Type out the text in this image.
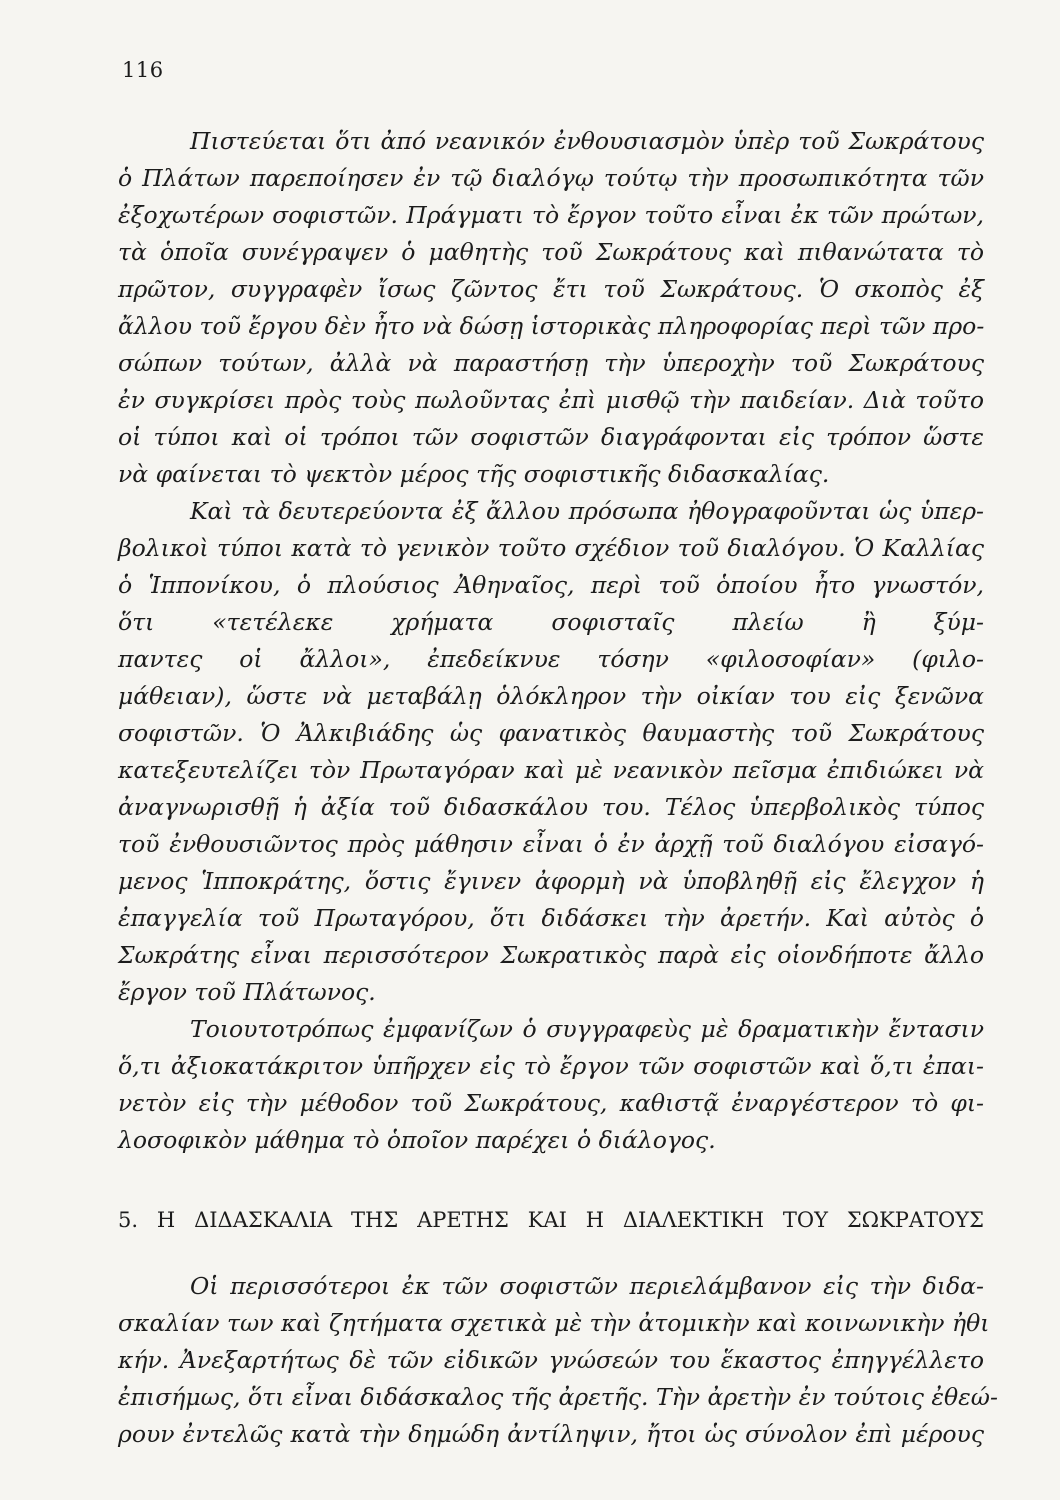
116
Πιστεύεται ὅτι ἀπό νεανικόν ἐνθουσιασμὸν ὑπὲρ τοῦ Σωκράτους
ὁ Πλάτων παρεποίησεν ἐν τῷ διαλόγῳ τούτῳ τὴν προσωπικότητα τῶν
ἐξοχωτέρων σοφιστῶν. Πράγματι τὸ ἔργον τοῦτο εἶναι ἐκ τῶν πρώτων,
τὰ ὁποῖα συνέγραψεν ὁ μαθητὴς τοῦ Σωκράτους καὶ πιθανώτατα τὸ
πρῶτον, συγγραφὲν ἴσως ζῶντος ἔτι τοῦ Σωκράτους. Ὁ σκοπὸς ἐξ
ἄλλου τοῦ ἔργου δὲν ἦτο νὰ δώσῃ ἱστορικὰς πληροφορίας περὶ τῶν προ-
σώπων τούτων, ἀλλὰ νὰ παραστήσῃ τὴν ὑπεροχὴν τοῦ Σωκράτους
ἐν συγκρίσει πρὸς τοὺς πωλοῦντας ἐπὶ μισθῷ τὴν παιδείαν. Διὰ τοῦτο
οἱ τύποι καὶ οἱ τρόποι τῶν σοφιστῶν διαγράφονται εἰς τρόπον ὥστε
νὰ φαίνεται τὸ ψεκτὸν μέρος τῆς σοφιστικῆς διδασκαλίας.
Καὶ τὰ δευτερεύοντα ἐξ ἄλλου πρόσωπα ἠθογραφοῦνται ὡς ὑπερ-
βολικοὶ τύποι κατὰ τὸ γενικὸν τοῦτο σχέδιον τοῦ διαλόγου. Ὁ Καλλίας
ὁ Ἱππονίκου, ὁ πλούσιος Ἀθηναῖος, περὶ τοῦ ὁποίου ἦτο γνωστόν,
ὅτι «τετέλεκε χρήματα σοφισταῖς πλείω ἢ ξύμ-
παντες οἱ ἄλλοι», ἐπεδείκνυε τόσην «φιλοσοφίαν» (φιλο-
μάθειαν), ὥστε νὰ μεταβάλῃ ὁλόκληρον τὴν οἰκίαν του εἰς ξενῶνα
σοφιστῶν. Ὁ Ἀλκιβιάδης ὡς φανατικὸς θαυμαστὴς τοῦ Σωκράτους
κατεξευτελίζει τὸν Πρωταγόραν καὶ μὲ νεανικὸν πεῖσμα ἐπιδιώκει νὰ
ἀναγνωρισθῇ ἡ ἀξία τοῦ διδασκάλου του. Τέλος ὑπερβολικὸς τύπος
τοῦ ἐνθουσιῶντος πρὸς μάθησιν εἶναι ὁ ἐν ἀρχῇ τοῦ διαλόγου εἰσαγό-
μενος Ἱπποκράτης, ὅστις ἔγινεν ἀφορμὴ νὰ ὑποβληθῇ εἰς ἔλεγχον ἡ
ἐπαγγελία τοῦ Πρωταγόρου, ὅτι διδάσκει τὴν ἀρετήν. Καὶ αὐτὸς ὁ
Σωκράτης εἶναι περισσότερον Σωκρατικὸς παρὰ εἰς οἱονδήποτε ἄλλο
ἔργον τοῦ Πλάτωνος.
Τοιουτοτρόπως ἐμφανίζων ὁ συγγραφεὺς μὲ δραματικὴν ἔντασιν
ὅ,τι ἀξιοκατάκριτον ὑπῆρχεν εἰς τὸ ἔργον τῶν σοφιστῶν καὶ ὅ,τι ἐπαι-
νετὸν εἰς τὴν μέθοδον τοῦ Σωκράτους, καθιστᾷ ἐναργέστερον τὸ φι-
λοσοφικὸν μάθημα τὸ ὁποῖον παρέχει ὁ διάλογος.
5. Η ΔΙΔΑΣΚΑΛΙΑ ΤΗΣ ΑΡΕΤΗΣ ΚΑΙ Η ΔΙΑΛΕΚΤΙΚΗ ΤΟΥ ΣΩΚΡΑΤΟΥΣ
Οἱ περισσότεροι ἐκ τῶν σοφιστῶν περιελάμβανον εἰς τὴν διδα-
σκαλίαν των καὶ ζητήματα σχετικὰ μὲ τὴν ἀτομικὴν καὶ κοινωνικὴν ἠθι
κήν. Ἀνεξαρτήτως δὲ τῶν εἰδικῶν γνώσεών του ἕκαστος ἐπηγγέλλετο
ἐπισήμως, ὅτι εἶναι διδάσκαλος τῆς ἀρετῆς. Τὴν ἀρετὴν ἐν τούτοις ἐθεώ-
ρουν ἐντελῶς κατὰ τὴν δημώδη ἀντίληψιν, ἤτοι ὡς σύνολον ἐπὶ μέρους
